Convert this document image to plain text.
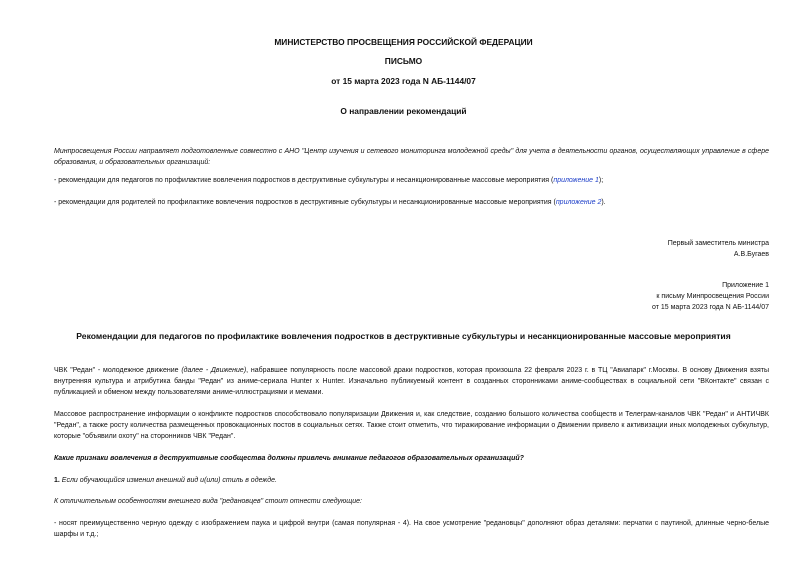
МИНИСТЕРСТВО ПРОСВЕЩЕНИЯ РОССИЙСКОЙ ФЕДЕРАЦИИ
ПИСЬМО
от 15 марта 2023 года N АБ-1144/07
О направлении рекомендаций
Минпросвещения России направляет подготовленные совместно с АНО "Центр изучения и сетевого мониторинга молодежной среды" для учета в деятельности органов, осуществляющих управление в сфере образования, и образовательных организаций:
- рекомендации для педагогов по профилактике вовлечения подростков в деструктивные субкультуры и несанкционированные массовые мероприятия (приложение 1);
- рекомендации для родителей по профилактике вовлечения подростков в деструктивные субкультуры и несанкционированные массовые мероприятия (приложение 2).
Первый заместитель министра
А.В.Бугаев
Приложение 1
к письму Минпросвещения России
от 15 марта 2023 года N АБ-1144/07
Рекомендации для педагогов по профилактике вовлечения подростков в деструктивные субкультуры и несанкционированные массовые мероприятия
ЧВК "Редан" - молодежное движение (далее - Движение), набравшее популярность после массовой драки подростков, которая произошла 22 февраля 2023 г. в ТЦ "Авиапарк" г.Москвы. В основу Движения взяты внутренняя культура и атрибутика банды "Редан" из аниме-сериала Hunter x Hunter. Изначально публикуемый контент в созданных сторонниками аниме-сообществах в социальной сети "ВКонтакте" связан с публикацией и обменом между пользователями аниме-иллюстрациями и мемами.
Массовое распространение информации о конфликте подростков способствовало популяризации Движения и, как следствие, созданию большого количества сообществ и Телеграм-каналов ЧВК "Редан" и АНТИЧВК "Редан", а также росту количества размещенных провокационных постов в социальных сетях. Также стоит отметить, что тиражирование информации о Движении привело к активизации иных молодежных субкультур, которые "объявили охоту" на сторонников ЧВК "Редан".
Какие признаки вовлечения в деструктивные сообщества должны привлечь внимание педагогов образовательных организаций?
1. Если обучающийся изменил внешний вид и(или) стиль в одежде.
К отличительным особенностям внешнего вида "редановцев" стоит отнести следующие:
- носят преимущественно черную одежду с изображением паука и цифрой внутри (самая популярная - 4). На свое усмотрение "редановцы" дополняют образ деталями: перчатки с паутиной, длинные черно-белые шарфы и т.д.;
